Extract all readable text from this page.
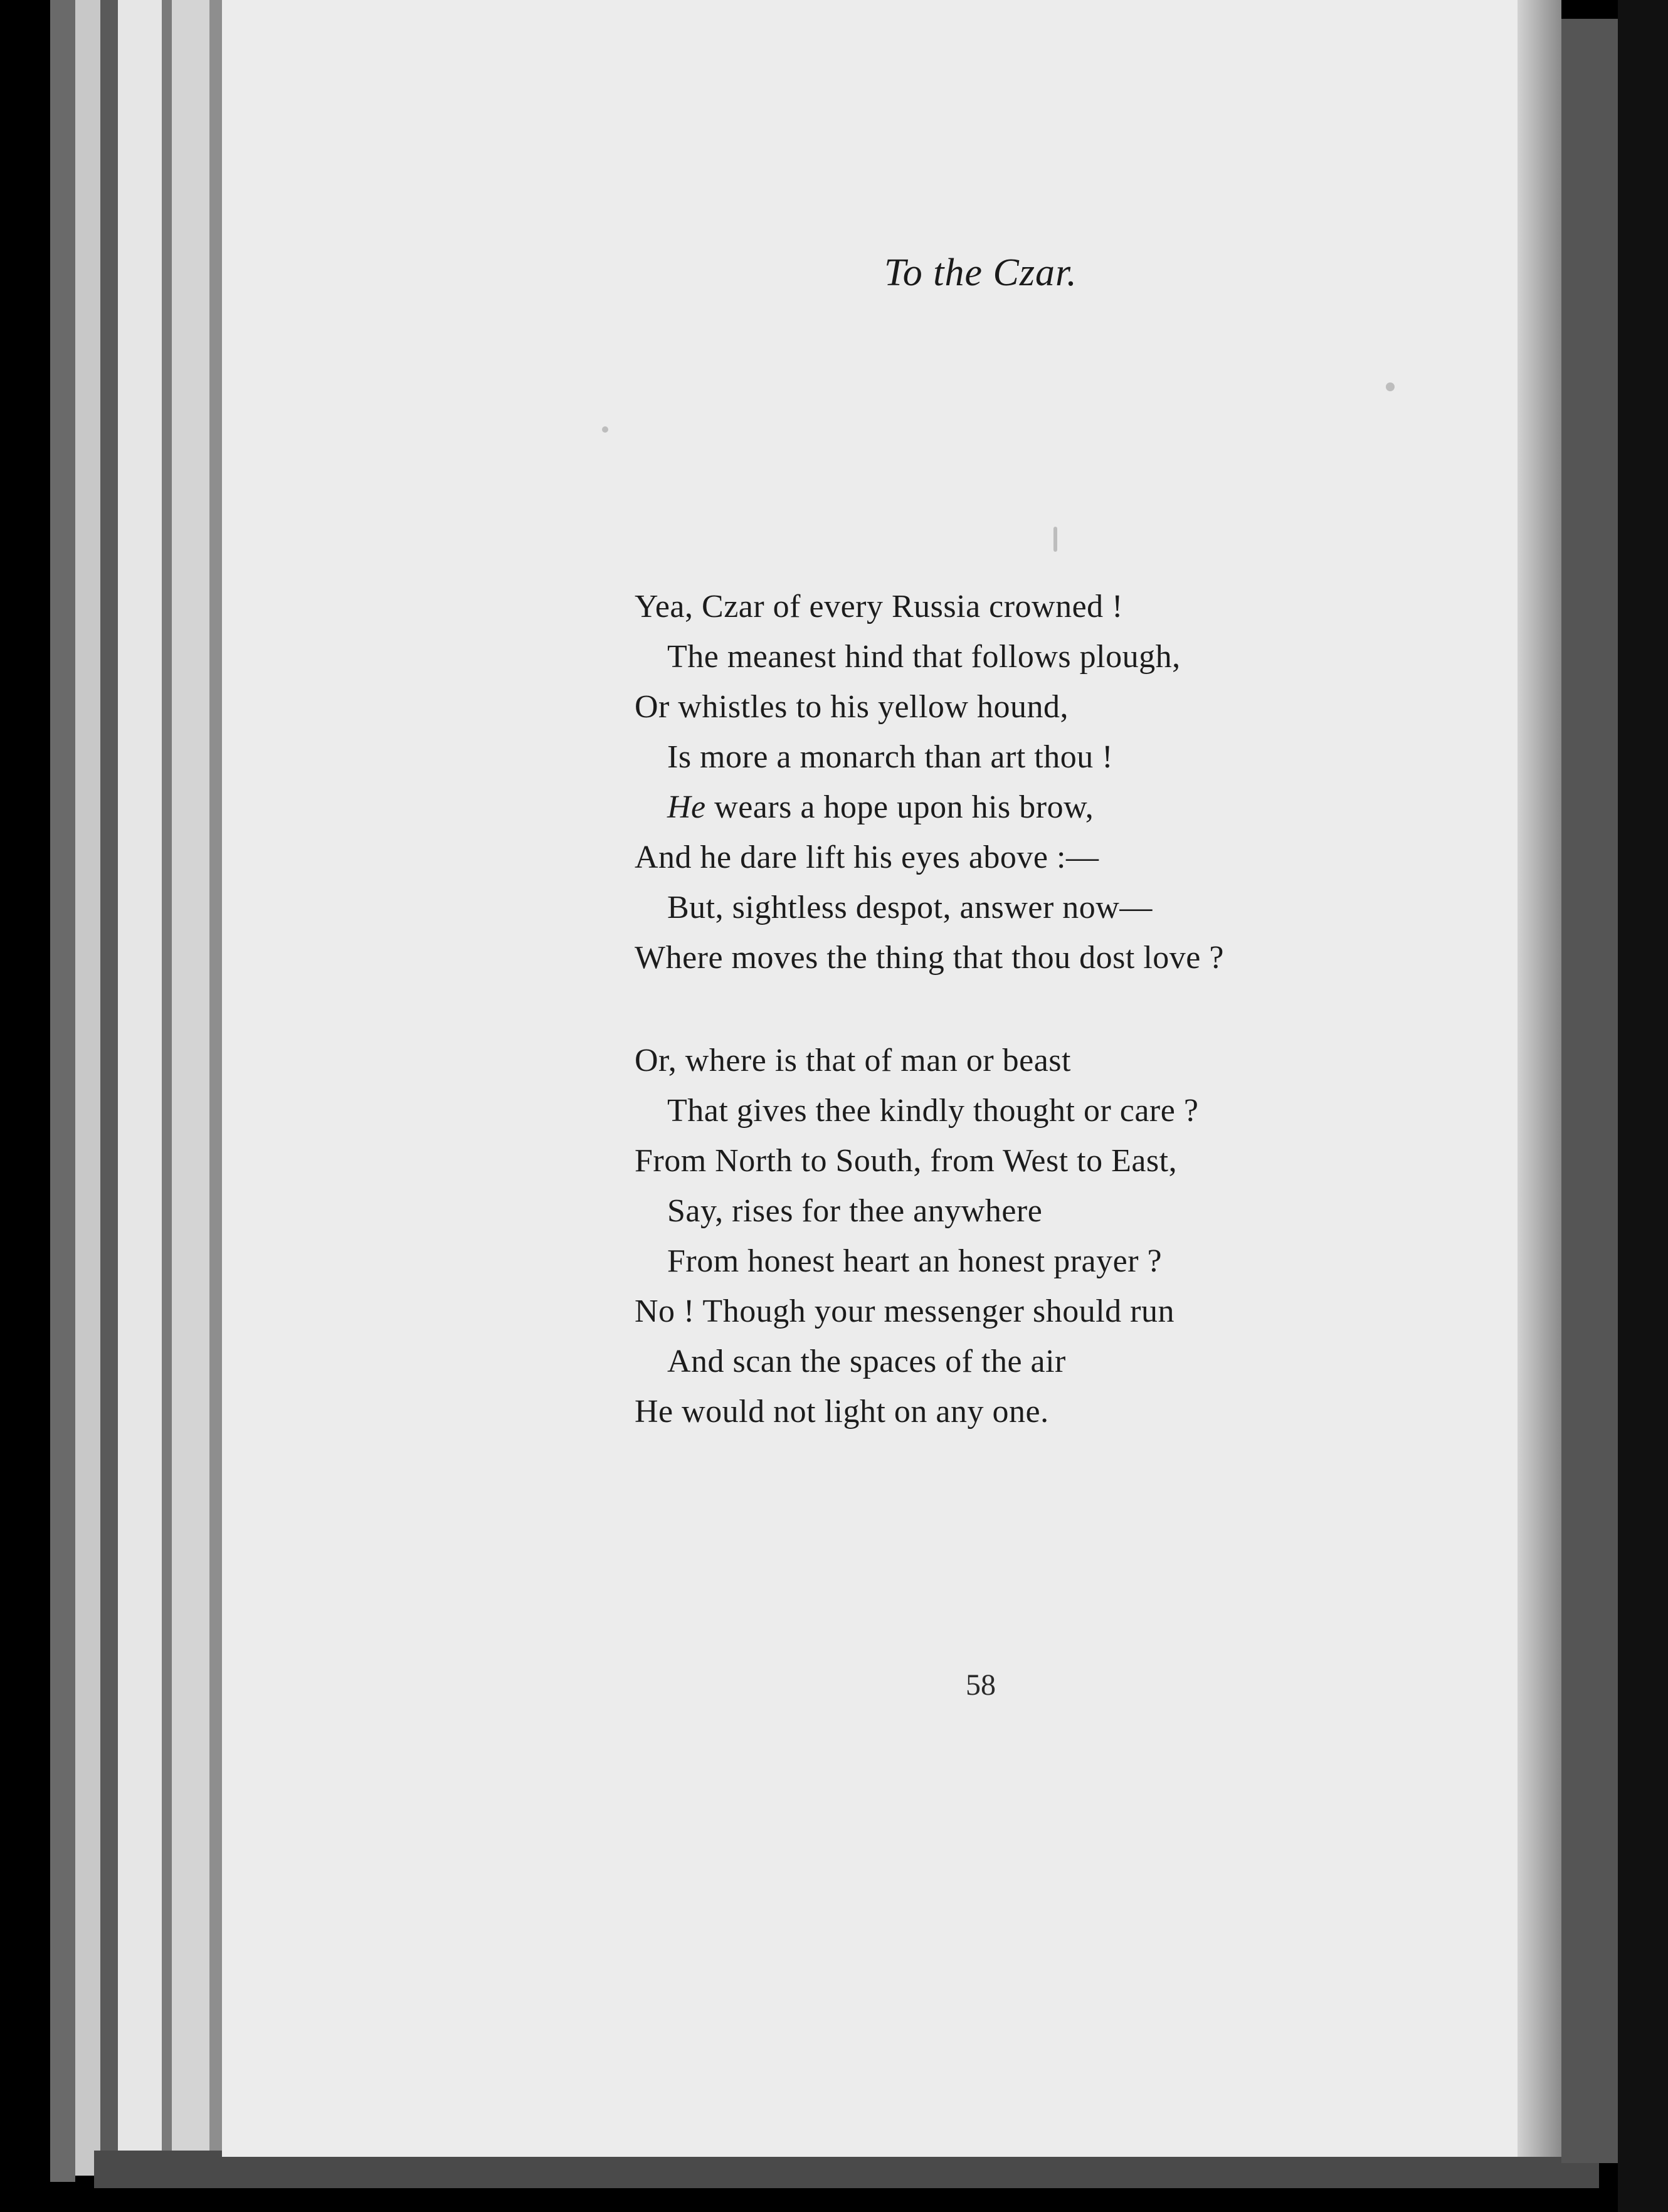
To the Czar.
Yea, Czar of every Russia crowned !
The meanest hind that follows plough,
Or whistles to his yellow hound,
Is more a monarch than art thou !
He wears a hope upon his brow,
And he dare lift his eyes above :—
But, sightless despot, answer now—
Where moves the thing that thou dost love ?
Or, where is that of man or beast
That gives thee kindly thought or care ?
From North to South, from West to East,
Say, rises for thee anywhere
From honest heart an honest prayer ?
No ! Though your messenger should run
And scan the spaces of the air
He would not light on any one.
58
